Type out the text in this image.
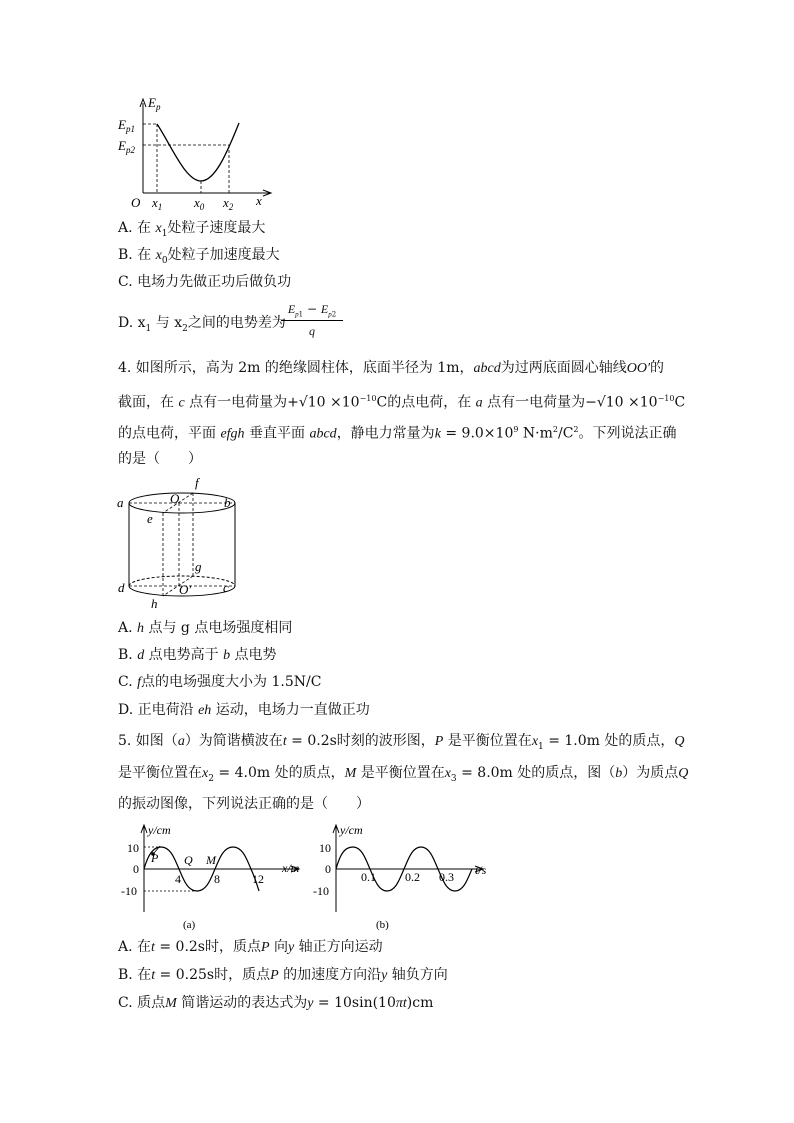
$E_p$
$E_{p1}$
$E_{p2}$
O	x
$x_1$ $x_0$ $x_2$
A. 在 $x_1$处粒子速度最大
B. 在 $x_0$处粒子加速度最大
C. 电场力先做正功后做负功
D. $x_1$ 与 $x_2$之间的电势差为
$\frac{E_{p1} - E_{p2}}{q}$
4. 如图所示，高为 2m 的绝缘圆柱体，底面半径为 1m，abcd为过两底面圆心轴线OO′的
截面，在 c 点有一电荷量为$+√10 \times 10^{-10}C$的点电荷，在 a 点有一电荷量为$-√10 \times 10^{-10}C$
的点电荷，平面 efgh 垂直平面 abcd，静电力常量为$k = 9.0\times 10^9$ $N\cdot m^2/C^2$。下列说法正确
的是（　　）
a	b
c
d
e
f
g
h
O
O′
A. h 点与 g 点电场强度相同
B. d 点电势高于 b 点电势
C. f点的电场强度大小为 1.5N/C
D. 正电荷沿 eh 运动，电场力一直做正功
5. 如图（a）为简谐横波在t = 0.2s时刻的波形图，P 是平衡位置在$x_1 = 1.0m$ 处的质点，Q
是平衡位置在$x_2 = 4.0m$ 处的质点，M 是平衡位置在$x_3 = 8.0m$ 处的质点，图（b）为质点Q
的振动图像，下列说法正确的是（　　）
y/cm
x/m
10
0
-10
4	8	12
P Q M
(a)
y/cm
t/s
10
0
-10
0.1 0.2 0.3
(b)
A. 在t = 0.2s时，质点P 向y 轴正方向运动
B. 在t = 0.25s时，质点P 的加速度方向沿y 轴负方向
C. 质点M 简谐运动的表达式为y = 10sin(10πt)cm
